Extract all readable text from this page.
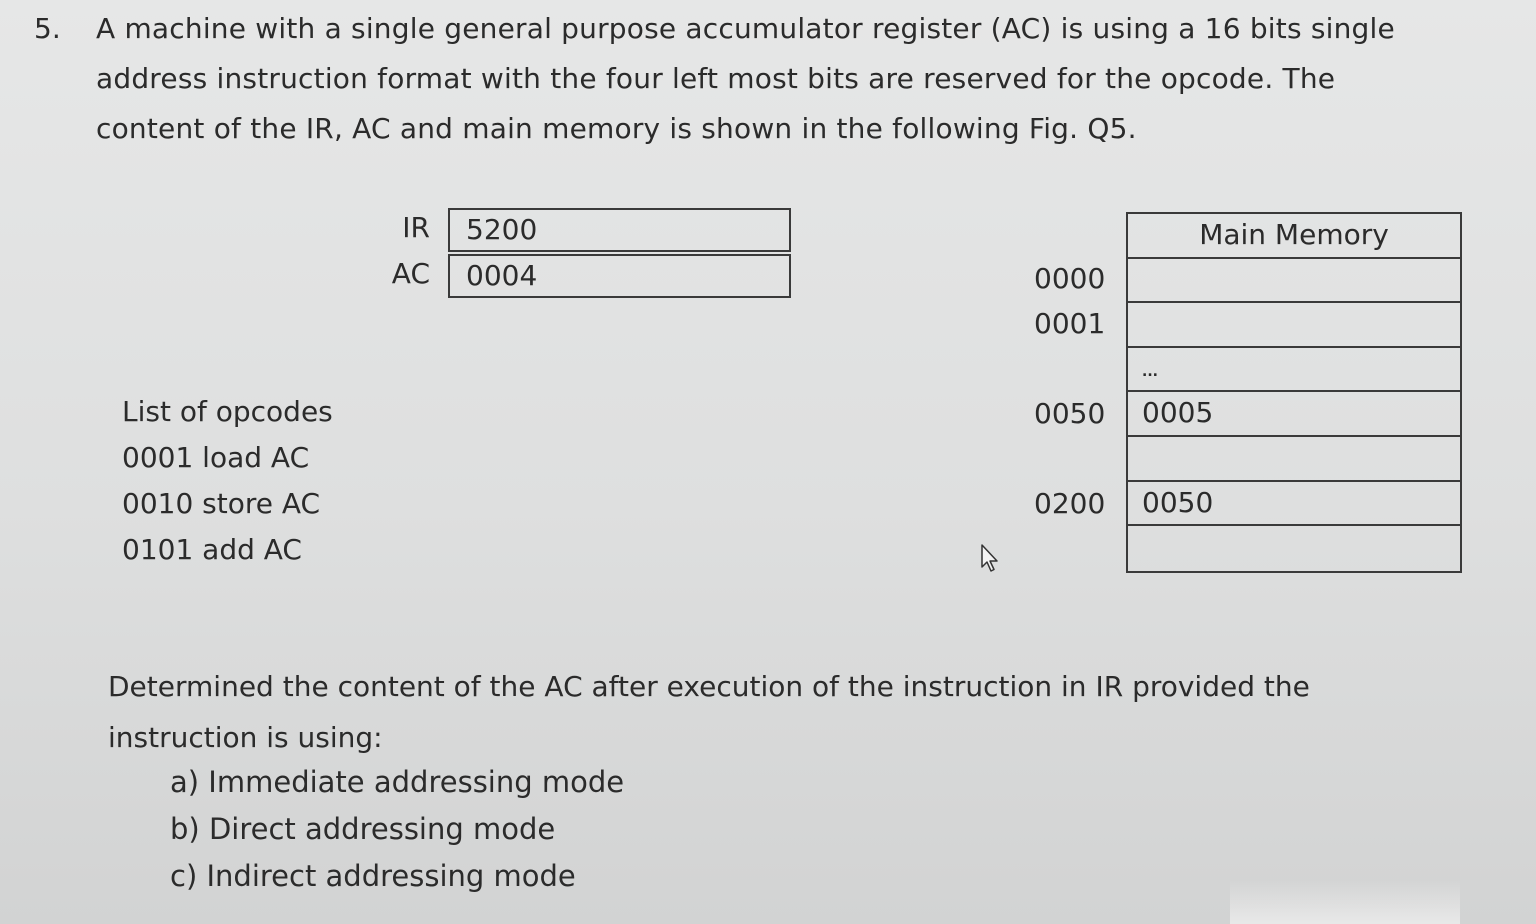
5. A machine with a single general purpose accumulator register (AC) is using a 16 bits single
address instruction format with the four left most bits are reserved for the opcode. The
content of the IR, AC and main memory is shown in the following Fig. Q5.
IR	5200
AC	0004
List of opcodes
0001 load AC
0010 store AC
0101 add AC
0000
0001
0050
0200
Main Memory
...
0005
0050
Determined the content of the AC after execution of the instruction in IR provided the
instruction is using:
a) Immediate addressing mode
b) Direct addressing mode
c) Indirect addressing mode
